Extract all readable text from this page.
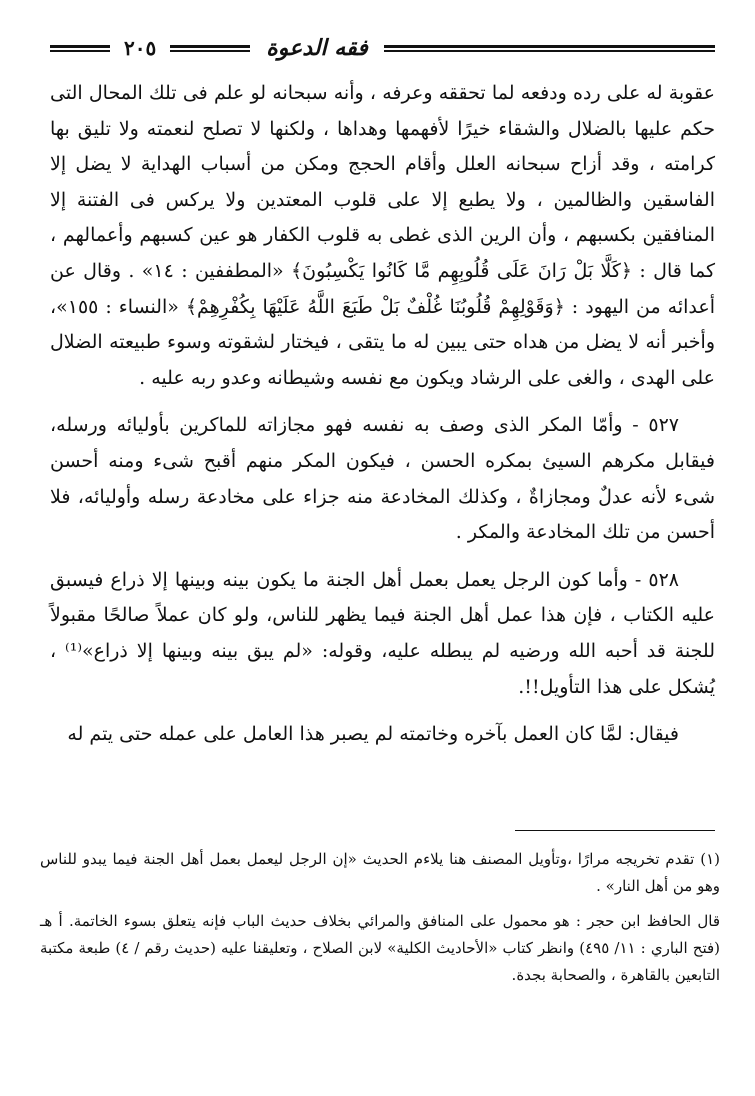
٢٠٥	فقه الدعوة

عقوبة له على رده ودفعه لما تحققه وعرفه ، وأنه سبحانه لو علم فى تلك المحال التى حكم عليها بالضلال والشقاء خيرًا لأفهمها وهداها ، ولكنها لا تصلح لنعمته ولا تليق بها كرامته ، وقد أزاح سبحانه العلل وأقام الحجج ومكن من أسباب الهداية لا يضل إلا الفاسقين والظالمين ، ولا يطبع إلا على قلوب المعتدين ولا يركس فى الفتنة إلا المنافقين بكسبهم ، وأن الرين الذى غطى به قلوب الكفار هو عين كسبهم وأعمالهم ، كما قال : ﴿كَلَّا بَلْ رَانَ عَلَى قُلُوبِهِم مَّا كَانُوا يَكْسِبُونَ﴾ «المطففين : ١٤» . وقال عن أعدائه من اليهود : ﴿وَقَوْلِهِمْ قُلُوبُنَا غُلْفٌ بَلْ طَبَعَ اللَّهُ عَلَيْهَا بِكُفْرِهِمْ﴾ «النساء : ١٥٥»، وأخبر أنه لا يضل من هداه حتى يبين له ما يتقى ، فيختار لشقوته وسوء طبيعته الضلال على الهدى ، والغى على الرشاد ويكون مع نفسه وشيطانه وعدو ربه عليه .

٥٢٧ - وأمّا المكر الذى وصف به نفسه فهو مجازاته للماكرين بأوليائه ورسله، فيقابل مكرهم السيئ بمكره الحسن ، فيكون المكر منهم أقبح شىء ومنه أحسن شىء لأنه عدلٌ ومجازاةٌ ، وكذلك المخادعة منه جزاء على مخادعة رسله وأوليائه، فلا أحسن من تلك المخادعة والمكر .

٥٢٨ - وأما كون الرجل يعمل بعمل أهل الجنة ما يكون بينه وبينها إلا ذراع فيسبق عليه الكتاب ، فإن هذا عمل أهل الجنة فيما يظهر للناس، ولو كان عملاً صالحًا مقبولاً للجنة قد أحبه الله ورضيه لم يبطله عليه، وقوله: «لم يبق بينه وبينها إلا ذراع»⁽¹⁾ ، يُشكل على هذا التأويل!!.

فيقال: لمَّا كان العمل بآخره وخاتمته لم يصبر هذا العامل على عمله حتى يتم له

(١) تقدم تخريجه مرارًا ،وتأويل المصنف هنا يلاءم الحديث «إن الرجل ليعمل بعمل أهل الجنة فيما يبدو للناس وهو من أهل النار» .

قال الحافظ ابن حجر : هو محمول على المنافق والمرائي بخلاف حديث الباب فإنه يتعلق بسوء الخاتمة. أ هـ (فتح الباري : ١١/ ٤٩٥) وانظر كتاب «الأحاديث الكلية» لابن الصلاح ، وتعليقنا عليه (حديث رقم / ٤) طبعة مكتبة التابعين بالقاهرة ، والصحابة بجدة.
